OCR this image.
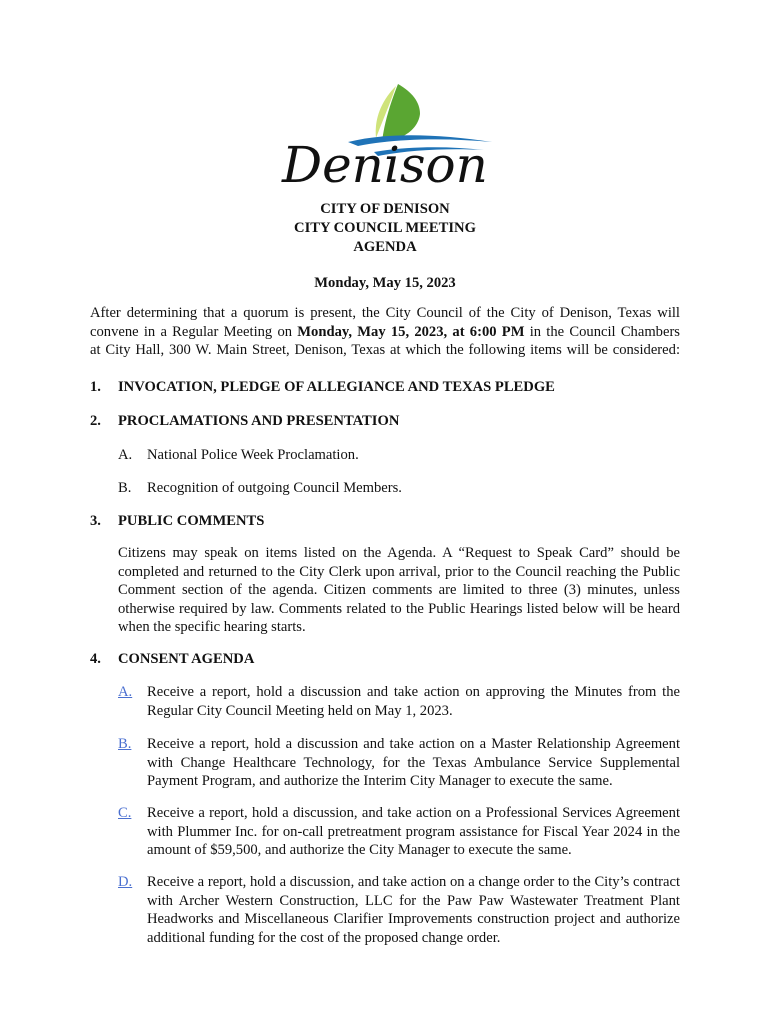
Denison
CITY OF DENISON
CITY COUNCIL MEETING
AGENDA
Monday, May 15, 2023
After determining that a quorum is present, the City Council of the City of Denison, Texas will
convene in a Regular Meeting on Monday, May 15, 2023, at 6:00 PM in the Council Chambers
at City Hall, 300 W. Main Street, Denison, Texas at which the following items will be considered:
1. INVOCATION, PLEDGE OF ALLEGIANCE AND TEXAS PLEDGE
2. PROCLAMATIONS AND PRESENTATION
A. National Police Week Proclamation.
B. Recognition of outgoing Council Members.
3. PUBLIC COMMENTS
Citizens may speak on items listed on the Agenda. A “Request to Speak Card” should be completed and returned to the City Clerk upon arrival, prior to the Council reaching the Public Comment section of the agenda. Citizen comments are limited to three (3) minutes, unless otherwise required by law. Comments related to the Public Hearings listed below will be heard when the specific hearing starts.
4. CONSENT AGENDA
A. Receive a report, hold a discussion and take action on approving the Minutes from the Regular City Council Meeting held on May 1, 2023.
B. Receive a report, hold a discussion and take action on a Master Relationship Agreement with Change Healthcare Technology, for the Texas Ambulance Service Supplemental Payment Program, and authorize the Interim City Manager to execute the same.
C. Receive a report, hold a discussion, and take action on a Professional Services Agreement with Plummer Inc. for on-call pretreatment program assistance for Fiscal Year 2024 in the amount of $59,500, and authorize the City Manager to execute the same.
D. Receive a report, hold a discussion, and take action on a change order to the City’s contract with Archer Western Construction, LLC for the Paw Paw Wastewater Treatment Plant Headworks and Miscellaneous Clarifier Improvements construction project and authorize additional funding for the cost of the proposed change order.
